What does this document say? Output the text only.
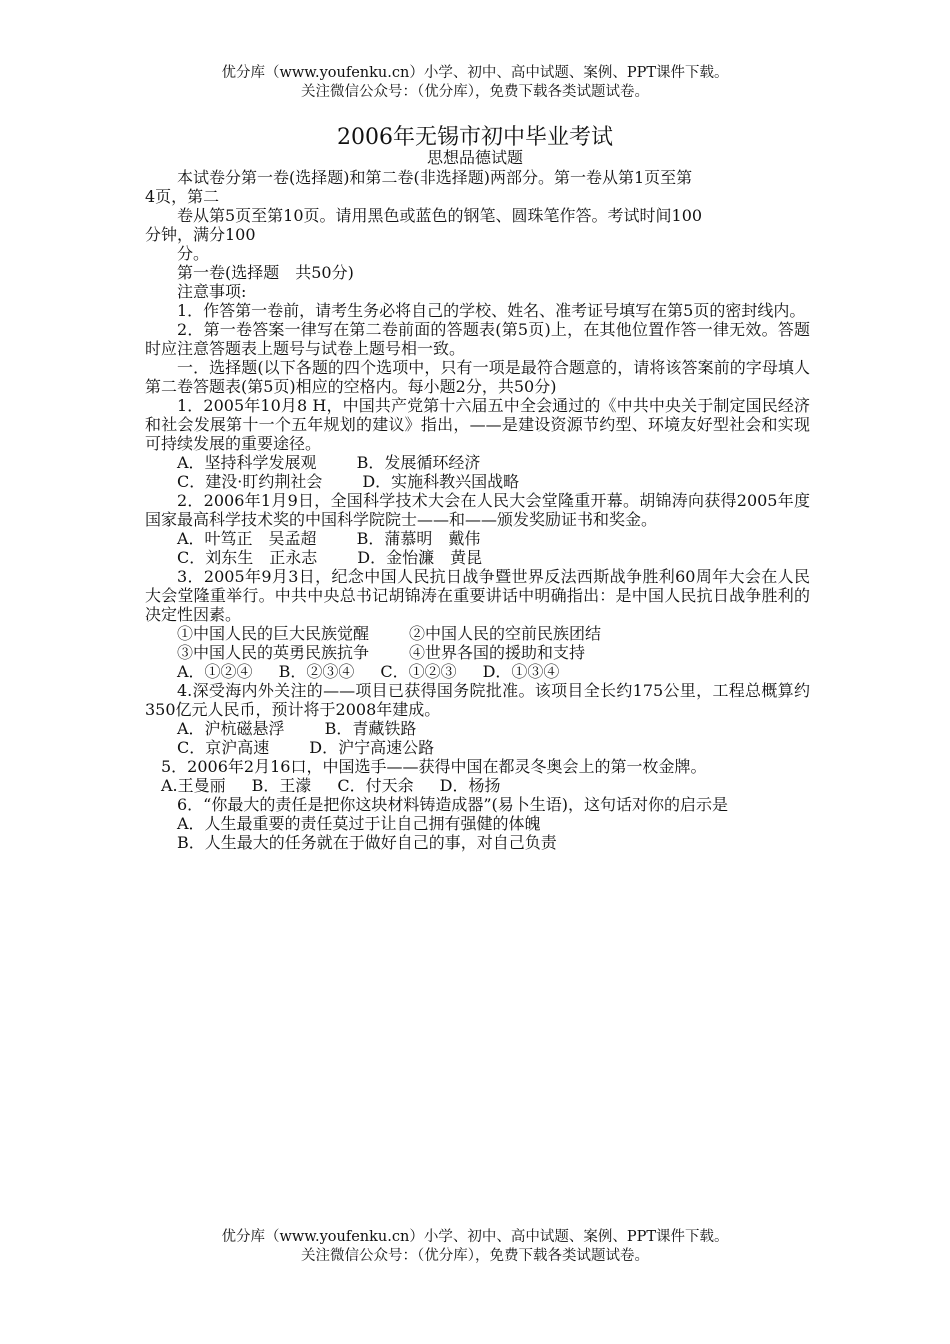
优分库（www.youfenku.cn）小学、初中、高中试题、案例、PPT课件下载。
关注微信公众号：（优分库），免费下载各类试题试卷。
2006年无锡市初中毕业考试
思想品德试题

本试卷分第一卷(选择题)和第二卷(非选择题)两部分。第一卷从第1页至第

4页，第二

卷从第5页至第10页。请用黑色或蓝色的钢笔、圆珠笔作答。考试时间100

分钟，满分100

分。

第一卷(选择题　共50分)

注意事项:

1．作答第一卷前，请考生务必将自己的学校、姓名、准考证号填写在第5页的密封线内。

2．第一卷答案一律写在第二卷前面的答题表(第5页)上，在其他位置作答一律无效。答题时应注意答题表上题号与试卷上题号相一致。

一．选择题(以下各题的四个选项中，只有一项是最符合题意的，请将该答案前的字母填人第二卷答题表(第5页)相应的空格内。每小题2分，共50分)

1．2005年10月8 H，中国共产党第十六届五中全会通过的《中共中央关于制定国民经济和社会发展第十一个五年规划的建议》指出，——是建设资源节约型、环境友好型社会和实现可持续发展的重要途径。

A．坚持科学发展观	B．发展循环经济

C．建没·盯约荆社会	D．实施科教兴国战略

2．2006年1月9日，全国科学技术大会在人民大会堂隆重开幕。胡锦涛向获得2005年度国家最高科学技术奖的中国科学院院士——和——颁发奖励证书和奖金。

A．叶笃正　吴孟超	B．蒲慕明　戴伟

C．刘东生　正永志	D．金怡濂　黄昆

3．2005年9月3日，纪念中国人民抗日战争暨世界反法西斯战争胜利60周年大会在人民大会堂隆重举行。中共中央总书记胡锦涛在重要讲话中明确指出：是中国人民抗日战争胜利的决定性因素。

①中国人民的巨大民族觉醒	②中国人民的空前民族团结

③中国人民的英勇民族抗争	④世界各国的援助和支持

A．①②④ B．②③④ C．①②③ D．①③④

4.深受海内外关注的——项目已获得国务院批准。该项目全长约175公里，工程总概算约350亿元人民币，预计将于2008年建成。

A．沪杭磁悬浮	B．青藏铁路

C．京沪高速	D．沪宁高速公路

5．2006年2月16口，中国选手——获得中国在都灵冬奥会上的第一枚金牌。

A.王曼丽 B．王濛 C．付天余 D．杨扬

6．“你最大的责任是把你这块材料铸造成器”(易卜生语)，这句话对你的启示是

A．人生最重要的责任莫过于让自己拥有强健的体魄

B．人生最大的任务就在于做好自己的事，对自己负责

优分库（www.youfenku.cn）小学、初中、高中试题、案例、PPT课件下载。
关注微信公众号：（优分库），免费下载各类试题试卷。
